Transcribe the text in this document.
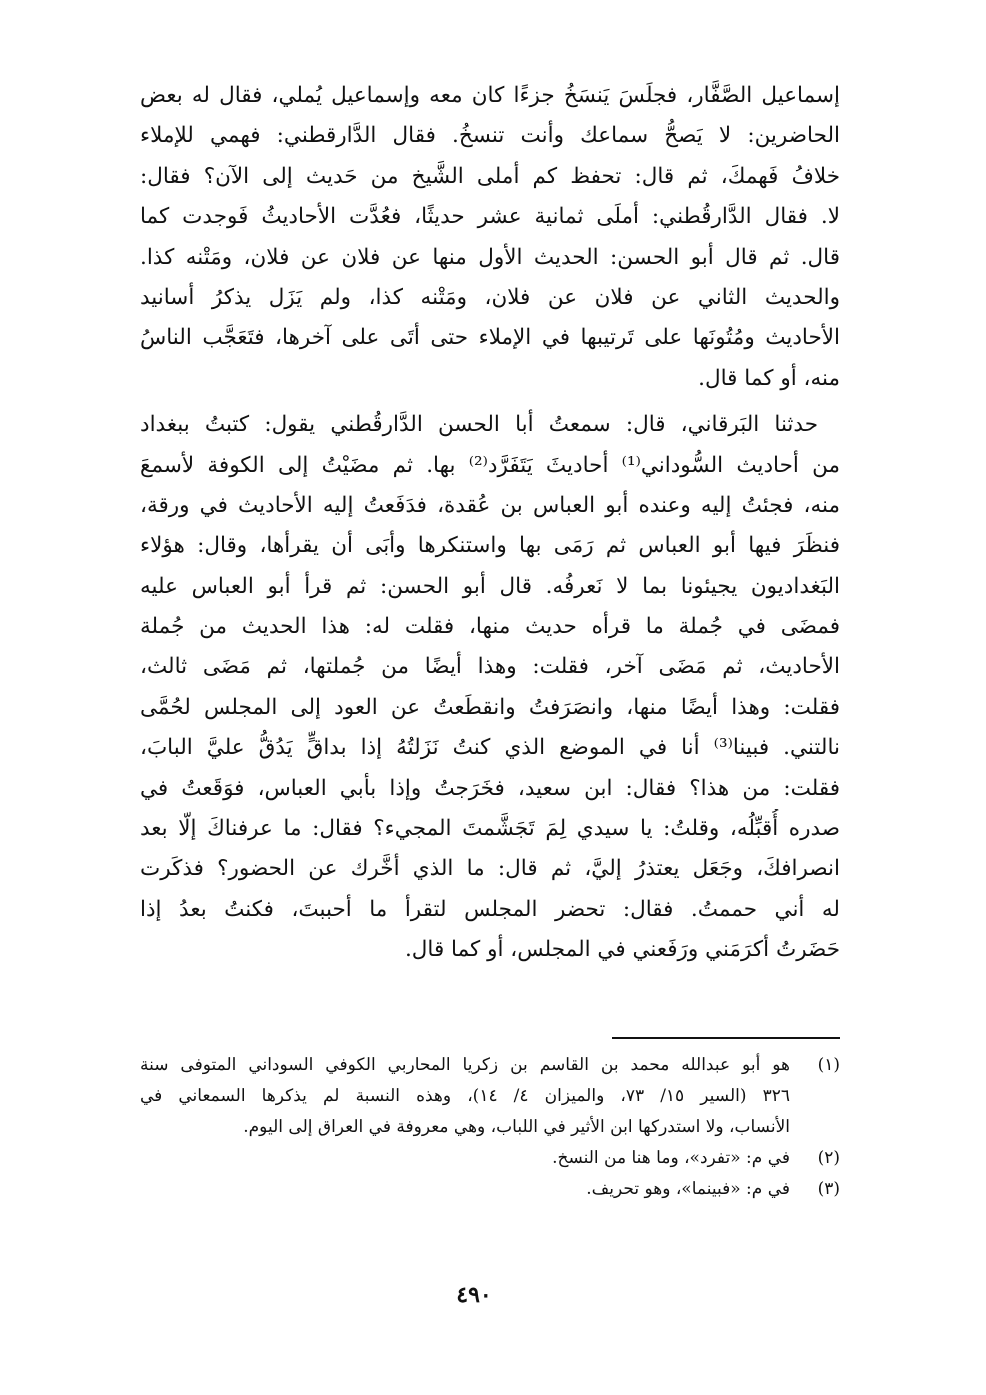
إسماعيل الصَّفَّار، فجلَسَ يَنسَخُ جزءًا كان معه وإسماعيل يُملي، فقال له بعض
الحاضرين: لا يَصحُّ سماعك وأنت تنسخُ. فقال الدَّارقطني: فهمي للإملاء
خلافُ فَهمكَ، ثم قال: تحفظ كم أملى الشَّيخ من حَديث إلى الآن؟ فقال:
لا. فقال الدَّارقُطني: أملَى ثمانية عشر حديثًا، فعُدَّت الأحاديثُ فَوجدت كما
قال. ثم قال أبو الحسن: الحديث الأول منها عن فلان عن فلان، ومَتْنه كذا.
والحديث الثاني عن فلان عن فلان، ومَتْنه كذا، ولم يَزَل يذكرُ أسانيد
الأحاديث ومُتُونَها على تَرتيبها في الإملاء حتى أتَى على آخرها، فتَعَجَّب الناسُ
منه، أو كما قال.
حدثنا البَرقاني، قال: سمعتُ أبا الحسن الدَّارقُطني يقول: كتبتُ ببغداد
من أحاديث السُّوداني⁽¹⁾ أحاديثَ يَتَفَرَّد⁽²⁾ بها. ثم مضَيْتُ إلى الكوفة لأسمعَ
منه، فجئتُ إليه وعنده أبو العباس بن عُقدة، فدَفَعتُ إليه الأحاديث في ورقة،
فنظَرَ فيها أبو العباس ثم رَمَى بها واستنكرها وأبَى أن يقرأها، وقال: هؤلاء
البَغداديون يجيئونا بما لا نَعرفُه. قال أبو الحسن: ثم قرأ أبو العباس عليه
فمضَى في جُملة ما قرأه حديث منها، فقلت له: هذا الحديث من جُملة
الأحاديث، ثم مَضَى آخر، فقلت: وهذا أيضًا من جُملتها، ثم مَضَى ثالث،
فقلت: وهذا أيضًا منها، وانصَرَفتُ وانقطَعتُ عن العود إلى المجلس لحُمَّى
نالتني. فبينا⁽³⁾ أنا في الموضع الذي كنتُ نَزَلتُهُ إذا بداقٍّ يَدُقُّ عليَّ البابَ،
فقلت: من هذا؟ فقال: ابن سعيد، فخَرَجتُ وإذا بأبي العباس، فوَقَعتُ في
صدره أُقبِّلُه، وقلتُ: يا سيدي لِمَ تَجَشَّمتَ المجيء؟ فقال: ما عرفناكَ إلّا بعد
انصرافكَ، وجَعَل يعتذرُ إليَّ، ثم قال: ما الذي أخَّرك عن الحضور؟ فذكَرت
له أني حممتُ. فقال: تحضر المجلس لتقرأ ما أحببتَ، فكنتُ بعدُ إذا
حَضَرتُ أكرَمَني ورَفَعني في المجلس، أو كما قال.
(١)
هو أبو عبدالله محمد بن القاسم بن زكريا المحاربي الكوفي السوداني المتوفى سنة
٣٢٦ (السير ١٥/ ٧٣، والميزان ٤/ ١٤)، وهذه النسبة لم يذكرها السمعاني في
الأنساب، ولا استدركها ابن الأثير في اللباب، وهي معروفة في العراق إلى اليوم.
(٢)
في م: «تفرد»، وما هنا من النسخ.
(٣)
في م: «فبينما»، وهو تحريف.
٤٩٠
